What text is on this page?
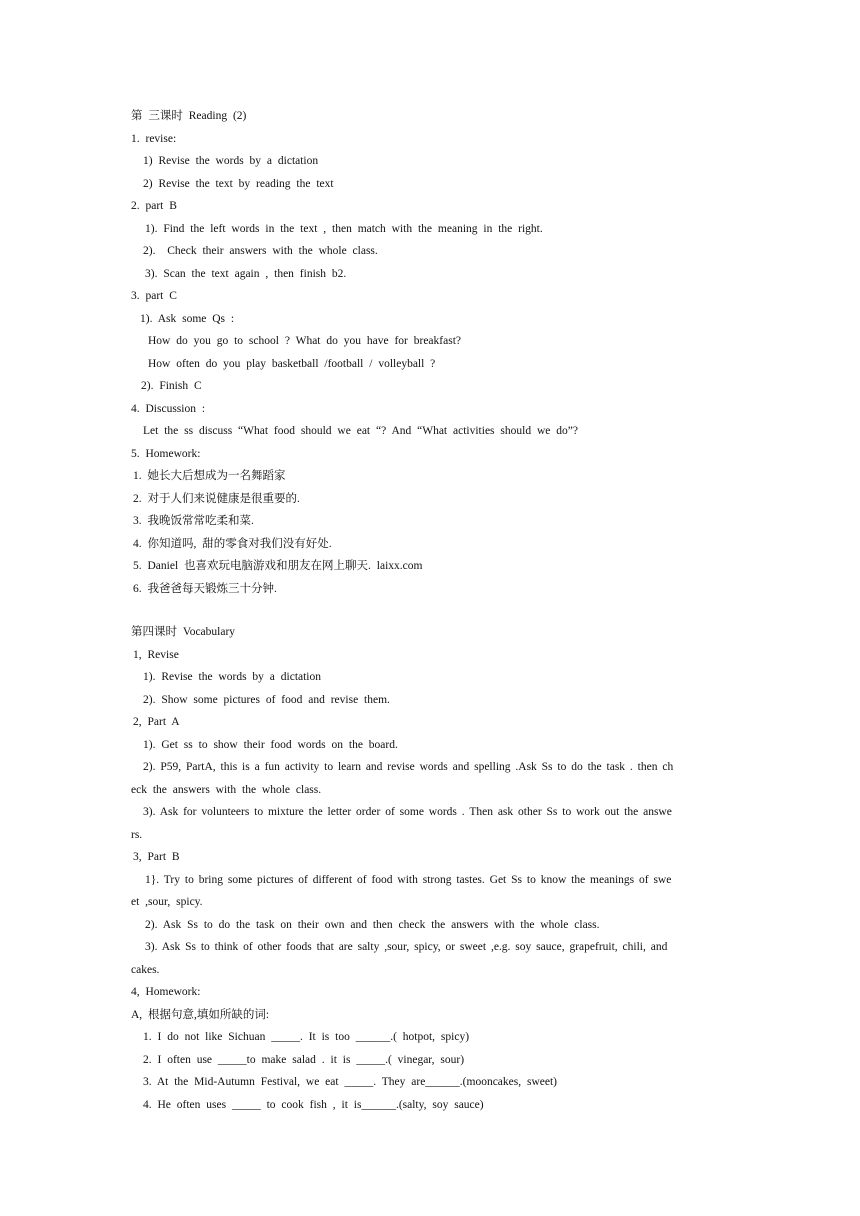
第 三课时 Reading (2)
1. revise:
1) Revise the words by a dictation
2) Revise the text by reading the text
2. part B
1). Find the left words in the text , then match with the meaning in the right.
2).  Check their answers with the whole class.
3). Scan the text again , then finish b2.
3. part C
1). Ask some Qs :
How do you go to school ? What do you have for breakfast?
How often do you play basketball /football / volleyball ?
2). Finish C
4. Discussion :
Let the ss discuss “What food should we eat “? And “What activities should we do”?
5. Homework:
1. 她长大后想成为一名舞蹈家
2. 对于人们来说健康是很重要的.
3. 我晚饭常常吃柔和菜.
4. 你知道吗, 甜的零食对我们没有好处.
5. Daniel 也喜欢玩电脑游戏和朋友在网上聊天. laixx.com
6. 我爸爸每天锻炼三十分钟.
第四课时 Vocabulary
1, Revise
1). Revise the words by a dictation
2). Show some pictures of food and revise them.
2, Part A
1). Get ss to show their food words on the board.
2). P59, PartA, this is a fun activity to learn and revise words and spelling .Ask Ss to do the task . then ch
eck the answers with the whole class.
3). Ask for volunteers to mixture the letter order of some words . Then ask other Ss to work out the answe
rs.
3, Part B
1}. Try to bring some pictures of different of food with strong tastes. Get Ss to know the meanings of swe
et ,sour, spicy.
2). Ask Ss to do the task on their own and then check the answers with the whole class.
3). Ask Ss to think of other foods that are salty ,sour, spicy, or sweet ,e.g. soy sauce, grapefruit, chili, and
cakes.
4, Homework:
A, 根据句意,填如所缺的词:
1. I do not like Sichuan _____. It is too ______.( hotpot, spicy)
2. I often use _____to make salad . it is _____.( vinegar, sour)
3. At the Mid-Autumn Festival, we eat _____. They are______.(mooncakes, sweet)
4. He often uses _____ to cook fish , it is______.(salty, soy sauce)
